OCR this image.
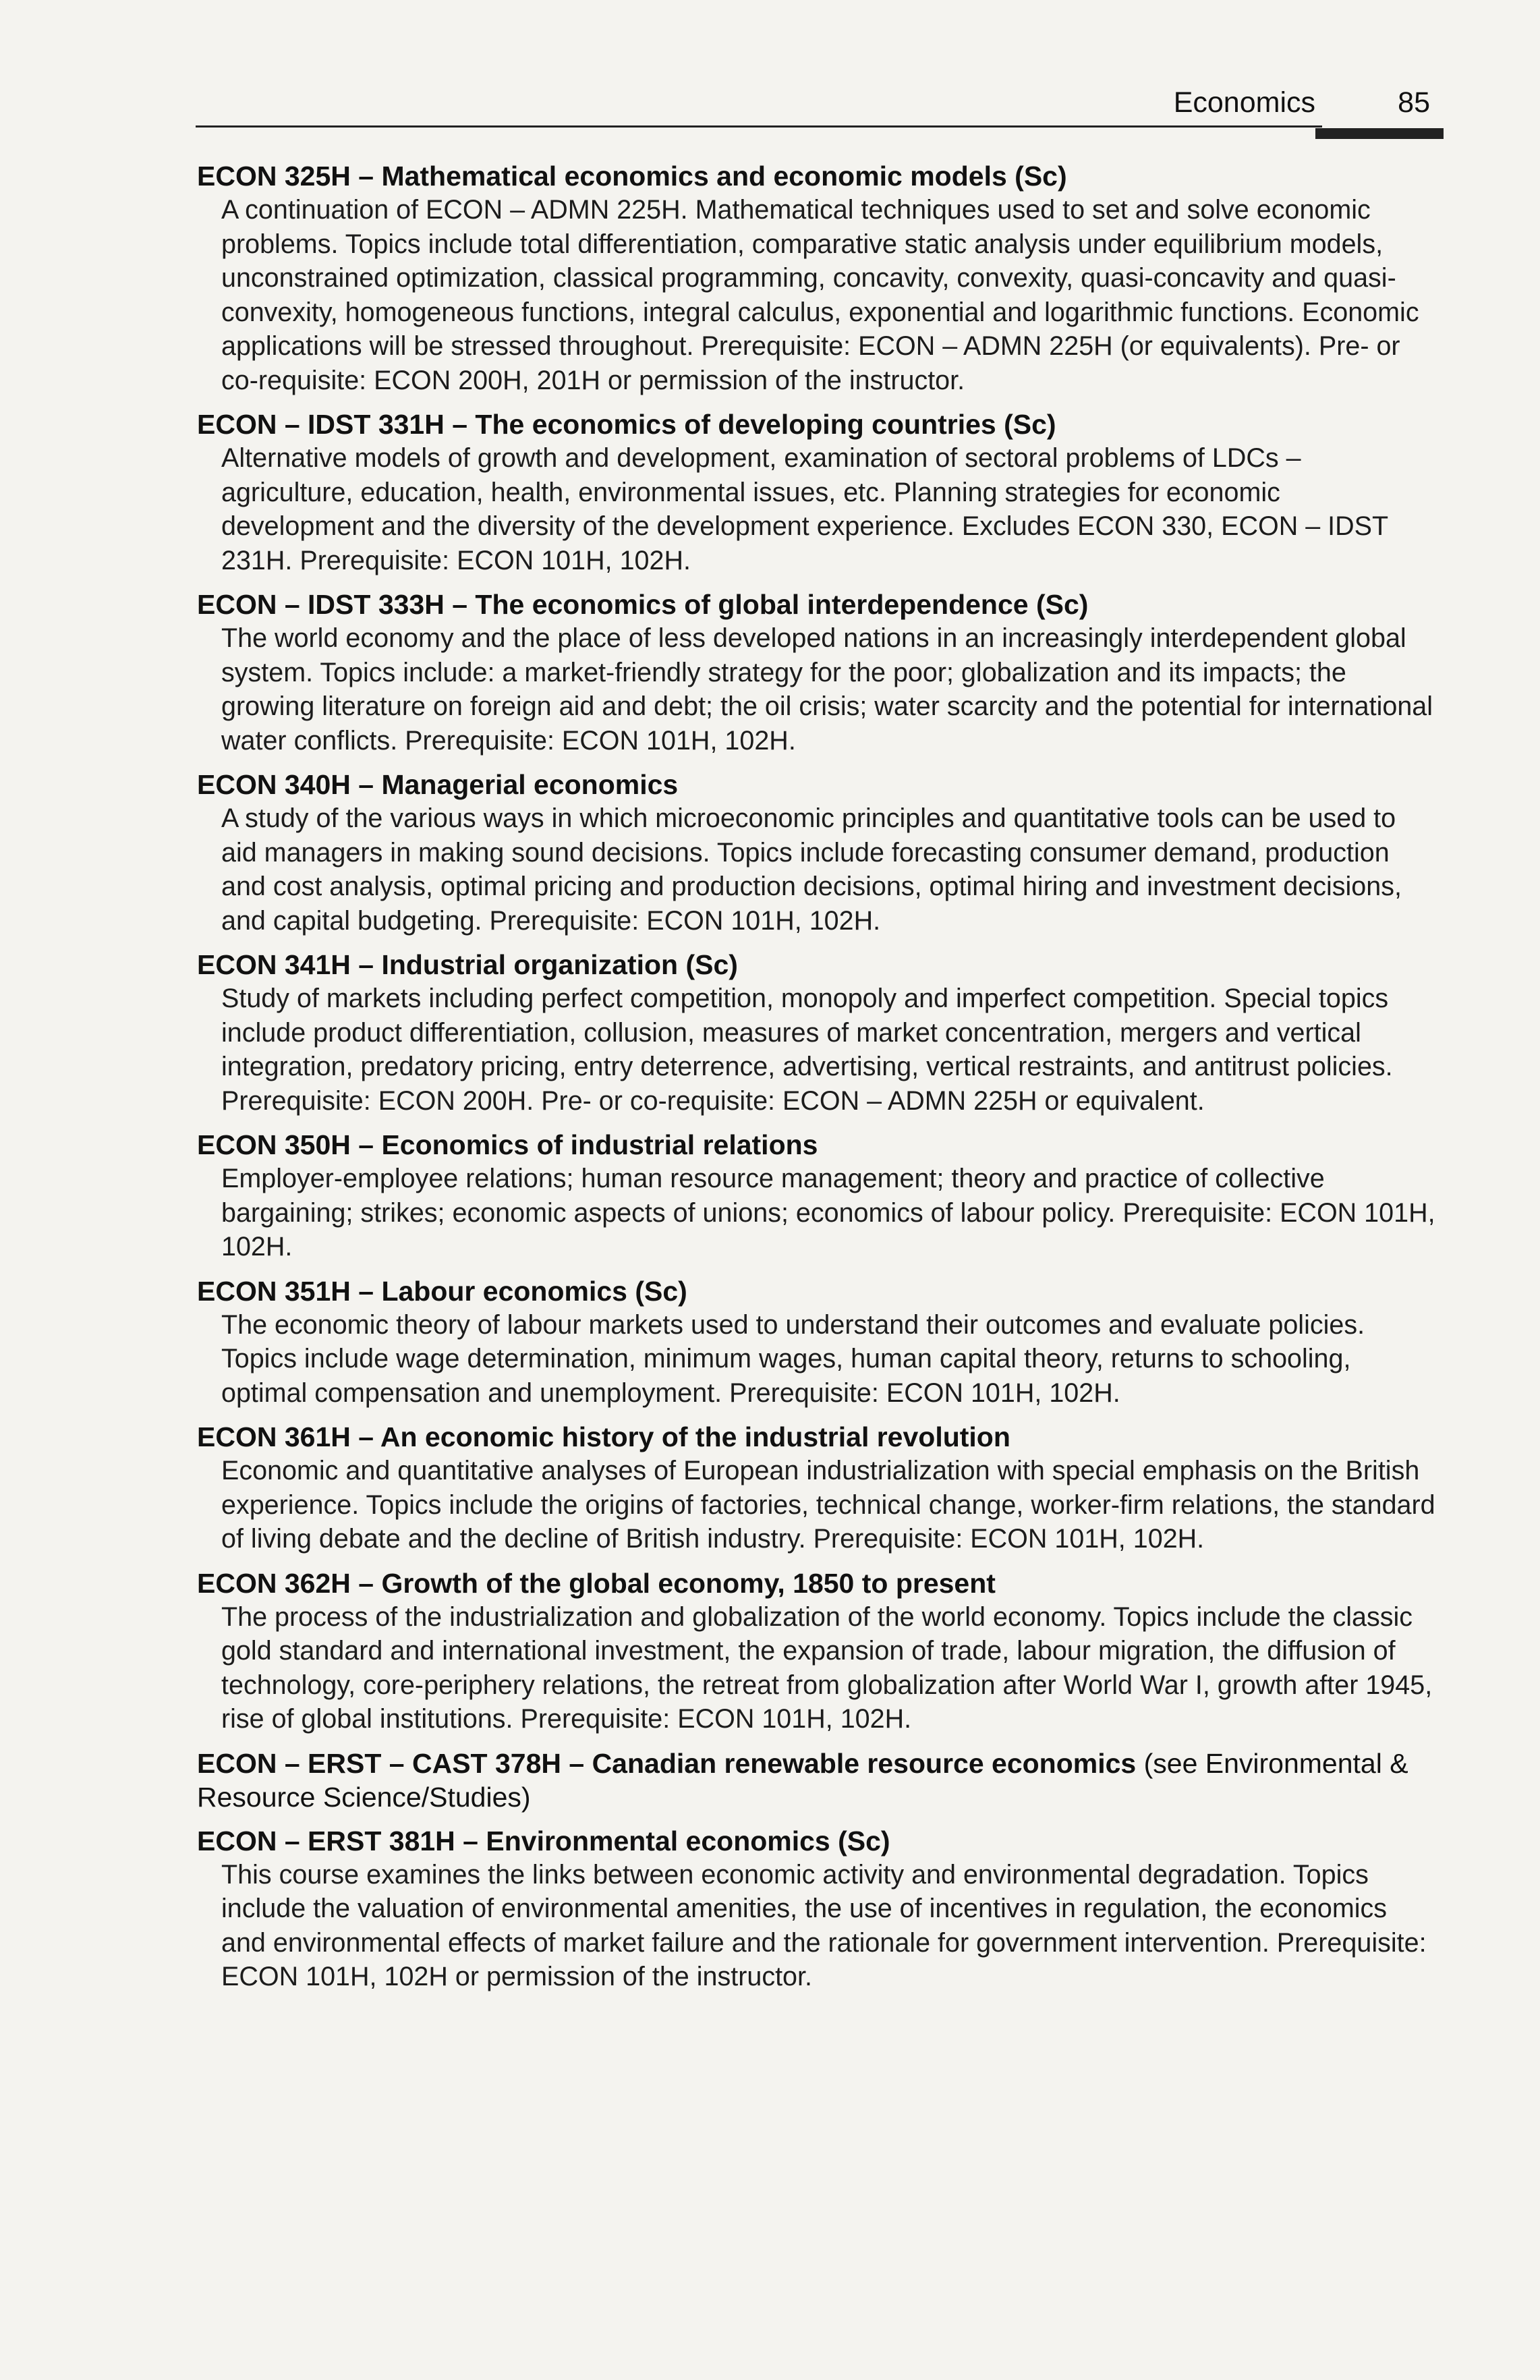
Economics	85

ECON 325H – Mathematical economics and economic models (Sc)

A continuation of ECON – ADMN 225H. Mathematical techniques used to set and solve economic problems. Topics include total differentiation, comparative static analysis under equilibrium models, unconstrained optimization, classical programming, concavity, convexity, quasi-concavity and quasi-convexity, homogeneous functions, integral calculus, exponential and logarithmic functions. Economic applications will be stressed throughout. Prerequisite: ECON – ADMN 225H (or equivalents). Pre- or co-requisite: ECON 200H, 201H or permission of the instructor.

ECON – IDST 331H – The economics of developing countries (Sc)

Alternative models of growth and development, examination of sectoral problems of LDCs – agriculture, education, health, environmental issues, etc. Planning strategies for economic development and the diversity of the development experience. Excludes ECON 330, ECON – IDST 231H. Prerequisite: ECON 101H, 102H.

ECON – IDST 333H – The economics of global interdependence (Sc)

The world economy and the place of less developed nations in an increasingly interdependent global system. Topics include: a market-friendly strategy for the poor; globalization and its impacts; the growing literature on foreign aid and debt; the oil crisis; water scarcity and the potential for international water conflicts. Prerequisite: ECON 101H, 102H.

ECON 340H – Managerial economics

A study of the various ways in which microeconomic principles and quantitative tools can be used to aid managers in making sound decisions. Topics include forecasting consumer demand, production and cost analysis, optimal pricing and production decisions, optimal hiring and investment decisions, and capital budgeting. Prerequisite: ECON 101H, 102H.

ECON 341H – Industrial organization (Sc)

Study of markets including perfect competition, monopoly and imperfect competition. Special topics include product differentiation, collusion, measures of market concentration, mergers and vertical integration, predatory pricing, entry deterrence, advertising, vertical restraints, and antitrust policies. Prerequisite: ECON 200H. Pre- or co-requisite: ECON – ADMN 225H or equivalent.

ECON 350H – Economics of industrial relations

Employer-employee relations; human resource management; theory and practice of collective bargaining; strikes; economic aspects of unions; economics of labour policy. Prerequisite: ECON 101H, 102H.

ECON 351H – Labour economics (Sc)

The economic theory of labour markets used to understand their outcomes and evaluate policies. Topics include wage determination, minimum wages, human capital theory, returns to schooling, optimal compensation and unemployment. Prerequisite: ECON 101H, 102H.

ECON 361H – An economic history of the industrial revolution

Economic and quantitative analyses of European industrialization with special emphasis on the British experience. Topics include the origins of factories, technical change, worker-firm relations, the standard of living debate and the decline of British industry. Prerequisite: ECON 101H, 102H.

ECON 362H – Growth of the global economy, 1850 to present

The process of the industrialization and globalization of the world economy. Topics include the classic gold standard and international investment, the expansion of trade, labour migration, the diffusion of technology, core-periphery relations, the retreat from globalization after World War I, growth after 1945, rise of global institutions. Prerequisite: ECON 101H, 102H.

ECON – ERST – CAST 378H – Canadian renewable resource economics (see Environmental & Resource Science/Studies)

ECON – ERST 381H – Environmental economics (Sc)

This course examines the links between economic activity and environmental degradation. Topics include the valuation of environmental amenities, the use of incentives in regulation, the economics and environmental effects of market failure and the rationale for government intervention. Prerequisite: ECON 101H, 102H or permission of the instructor.
